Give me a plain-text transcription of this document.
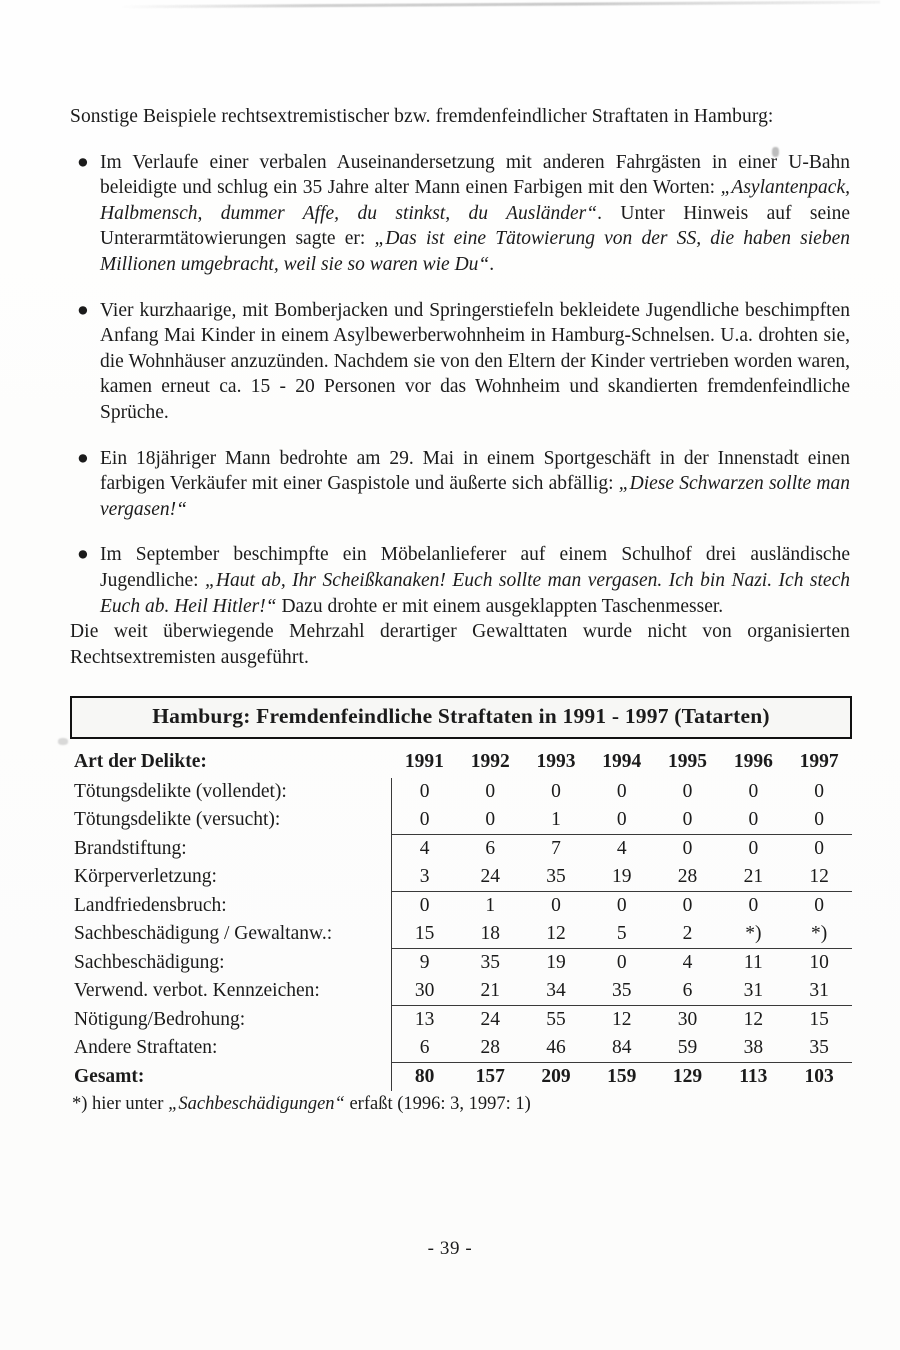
Sonstige Beispiele rechtsextremistischer bzw. fremdenfeindlicher Straftaten in Hamburg:

● Im Verlaufe einer verbalen Auseinandersetzung mit anderen Fahrgästen in einer U-Bahn beleidigte und schlug ein 35 Jahre alter Mann einen Farbigen mit den Worten: „Asylantenpack, Halbmensch, dummer Affe, du stinkst, du Ausländer“. Unter Hinweis auf seine Unterarmtätowierungen sagte er: „Das ist eine Tätowierung von der SS, die haben sieben Millionen umgebracht, weil sie so waren wie Du“.
● Vier kurzhaarige, mit Bomberjacken und Springerstiefeln bekleidete Jugendliche beschimpften Anfang Mai Kinder in einem Asylbewerberwohnheim in Hamburg-Schnelsen. U.a. drohten sie, die Wohnhäuser anzuzünden. Nachdem sie von den Eltern der Kinder vertrieben worden waren, kamen erneut ca. 15 - 20 Personen vor das Wohnheim und skandierten fremdenfeindliche Sprüche.
● Ein 18jähriger Mann bedrohte am 29. Mai in einem Sportgeschäft in der Innenstadt einen farbigen Verkäufer mit einer Gaspistole und äußerte sich abfällig: „Diese Schwarzen sollte man vergasen!“
● Im September beschimpfte ein Möbelanlieferer auf einem Schulhof drei ausländische Jugendliche: „Haut ab, Ihr Scheißkanaken! Euch sollte man vergasen. Ich bin Nazi. Ich stech Euch ab. Heil Hitler!“ Dazu drohte er mit einem ausgeklappten Taschenmesser.

Die weit überwiegende Mehrzahl derartiger Gewalttaten wurde nicht von organisierten Rechtsextremisten ausgeführt.

Hamburg: Fremdenfeindliche Straftaten in 1991 - 1997 (Tatarten)
Art der Delikte:	1991	1992	1993	1994	1995	1996	1997
Tötungsdelikte (vollendet):	0	0	0	0	0	0	0
Tötungsdelikte (versucht):	0	0	1	0	0	0	0
Brandstiftung:	4	6	7	4	0	0	0
Körperverletzung:	3	24	35	19	28	21	12
Landfriedensbruch:	0	1	0	0	0	0	0
Sachbeschädigung / Gewaltanw.:	15	18	12	5	2	*)	*)
Sachbeschädigung:	9	35	19	0	4	11	10
Verwend. verbot. Kennzeichen:	30	21	34	35	6	31	31
Nötigung/Bedrohung:	13	24	55	12	30	12	15
Andere Straftaten:	6	28	46	84	59	38	35
Gesamt:	80	157	209	159	129	113	103
*) hier unter „Sachbeschädigungen“ erfaßt (1996: 3, 1997: 1)
- 39 -
